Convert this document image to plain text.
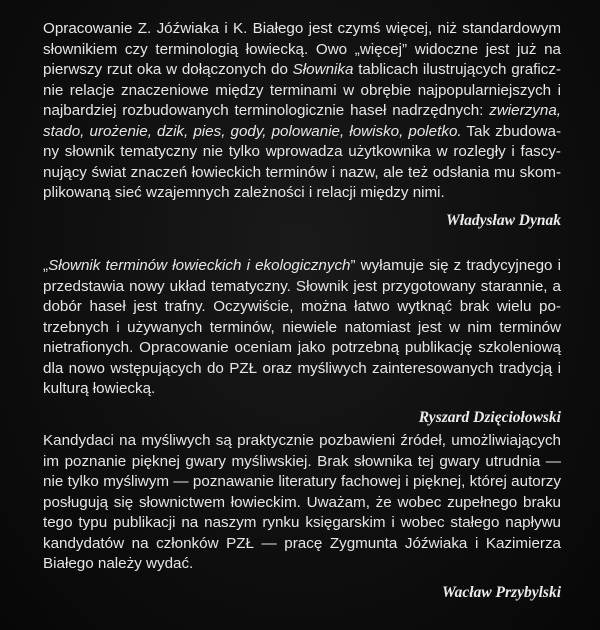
Opracowanie Z. Jóźwiaka i K. Białego jest czymś więcej, niż standardowym
słownikiem czy terminologią łowiecką. Owo „więcej” widoczne jest już na
pierwszy rzut oka w dołączonych do Słownika tablicach ilustrujących graficz-
nie relacje znaczeniowe między terminami w obrębie najpopularniejszych i
najbardziej rozbudowanych terminologicznie haseł nadrzędnych: zwierzyna,
stado, urożenie, dzik, pies, gody, polowanie, łowisko, poletko. Tak zbudowa-
ny słownik tematyczny nie tylko wprowadza użytkownika w rozległy i fascy-
nujący świat znaczeń łowieckich terminów i nazw, ale też odsłania mu skom-
plikowaną sieć wzajemnych zależności i relacji między nimi.
Władysław Dynak
„Słownik terminów łowieckich i ekologicznych” wyłamuje się z tradycyjnego i
przedstawia nowy układ tematyczny. Słownik jest przygotowany starannie, a
dobór haseł jest trafny. Oczywiście, można łatwo wytknąć brak wielu po-
trzebnych i używanych terminów, niewiele natomiast jest w nim terminów
nietrafionych. Opracowanie oceniam jako potrzebną publikację szkoleniową
dla nowo wstępujących do PZŁ oraz myśliwych zainteresowanych tradycją i
kulturą łowiecką.
Ryszard Dzięciołowski
Kandydaci na myśliwych są praktycznie pozbawieni źródeł, umożliwiających
im poznanie pięknej gwary myśliwskiej. Brak słownika tej gwary utrudnia —
nie tylko myśliwym — poznawanie literatury fachowej i pięknej, której autorzy
posługują się słownictwem łowieckim. Uważam, że wobec zupełnego braku
tego typu publikacji na naszym rynku księgarskim i wobec stałego napływu
kandydatów na członków PZŁ — pracę Zygmunta Jóźwiaka i Kazimierza
Białego należy wydać.
Wacław Przybylski
